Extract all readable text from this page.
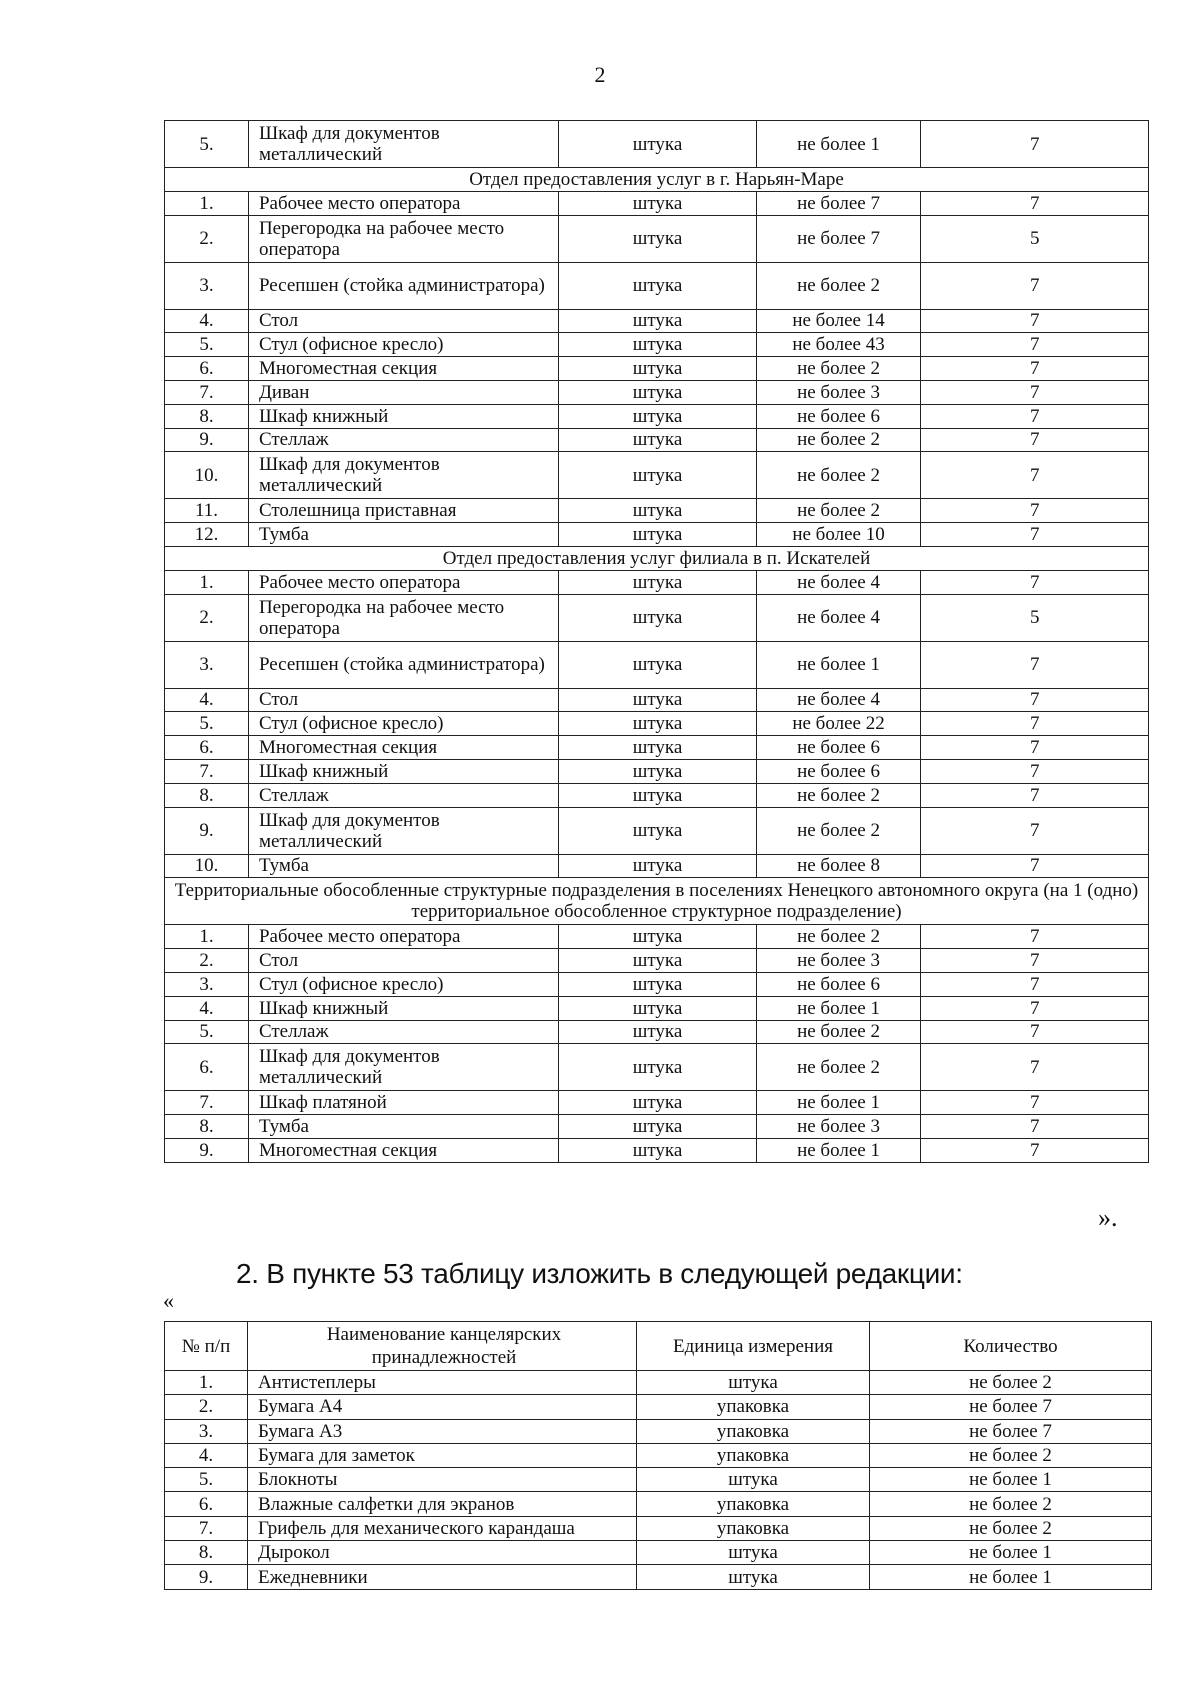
2
5.	Шкаф для документов металлический	штука	не более 1	7
Отдел предоставления услуг в г. Нарьян-Маре				
1.	Рабочее место оператора	штука	не более 7	7
2.	Перегородка на рабочее место оператора	штука	не более 7	5
3.	Ресепшен (стойка администратора)	штука	не более 2	7
4.	Стол	штука	не более 14	7
5.	Стул (офисное кресло)	штука	не более 43	7
6.	Многоместная секция	штука	не более 2	7
7.	Диван	штука	не более 3	7
8.	Шкаф книжный	штука	не более 6	7
9.	Стеллаж	штука	не более 2	7
10.	Шкаф для документов металлический	штука	не более 2	7
11.	Столешница приставная	штука	не более 2	7
12.	Тумба	штука	не более 10	7
Отдел предоставления услуг филиала в п. Искателей				
1.	Рабочее место оператора	штука	не более 4	7
2.	Перегородка на рабочее место оператора	штука	не более 4	5
3.	Ресепшен (стойка администратора)	штука	не более 1	7
4.	Стол	штука	не более 4	7
5.	Стул (офисное кресло)	штука	не более 22	7
6.	Многоместная секция	штука	не более 6	7
7.	Шкаф книжный	штука	не более 6	7
8.	Стеллаж	штука	не более 2	7
9.	Шкаф для документов металлический	штука	не более 2	7
10.	Тумба	штука	не более 8	7
Территориальные обособленные структурные подразделения в поселениях Ненецкого автономного округа (на 1 (одно) территориальное обособленное структурное подразделение)				
1.	Рабочее место оператора	штука	не более 2	7
2.	Стол	штука	не более 3	7
3.	Стул (офисное кресло)	штука	не более 6	7
4.	Шкаф книжный	штука	не более 1	7
5.	Стеллаж	штука	не более 2	7
6.	Шкаф для документов металлический	штука	не более 2	7
7.	Шкаф платяной	штука	не более 1	7
8.	Тумба	штука	не более 3	7
9.	Многоместная секция	штука	не более 1	7
».
2. В пункте 53 таблицу изложить в следующей редакции:
«
№ п/п	Наименование канцелярских принадлежностей	Единица измерения	Количество
1.	Антистеплеры	штука	не более 2
2.	Бумага А4	упаковка	не более 7
3.	Бумага А3	упаковка	не более 7
4.	Бумага для заметок	упаковка	не более 2
5.	Блокноты	штука	не более 1
6.	Влажные салфетки для экранов	упаковка	не более 2
7.	Грифель для механического карандаша	упаковка	не более 2
8.	Дырокол	штука	не более 1
9.	Ежедневники	штука	не более 1
